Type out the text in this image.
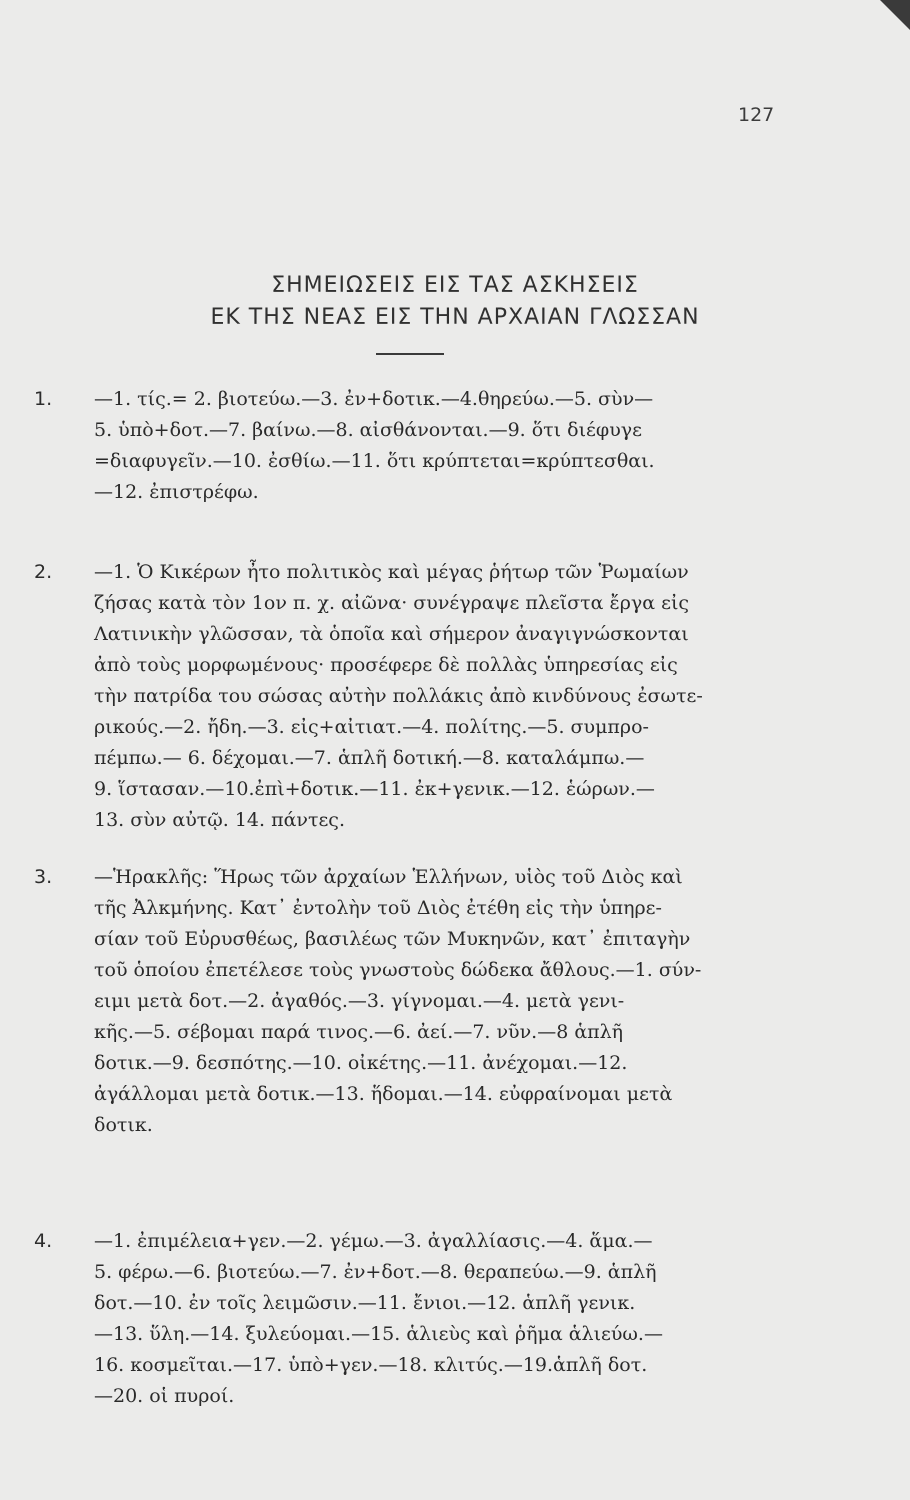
127
ΣΗΜΕΙΩΣΕΙΣ ΕΙΣ ΤΑΣ ΑΣΚΗΣΕΙΣ
ΕΚ ΤΗΣ ΝΕΑΣ ΕΙΣ ΤΗΝ ΑΡΧΑΙΑΝ ΓΛΩΣΣΑΝ
1. —1. τίς.= 2. βιοτεύω.—3. ἐν+δοτικ.—4.θηρεύω.—5. σὺν—
5. ὑπὸ+δοτ.—7. βαίνω.—8. αἰσθάνονται.—9. ὅτι διέφυγε
=διαφυγεῖν.—10. ἐσθίω.—11. ὅτι κρύπτεται=κρύπτεσθαι.
—12. ἐπιστρέφω.
2. —1. Ὁ Κικέρων ἦτο πολιτικὸς καὶ μέγας ῥήτωρ τῶν Ῥωμαίων
ζήσας κατὰ τὸν 1ον π. χ. αἰῶνα· συνέγραψε πλεῖστα ἔργα εἰς
Λατινικὴν γλῶσσαν, τὰ ὁποῖα καὶ σήμερον ἀναγιγνώσκονται
ἀπὸ τοὺς μορφωμένους· προσέφερε δὲ πολλὰς ὑπηρεσίας εἰς
τὴν πατρίδα του σώσας αὐτὴν πολλάκις ἀπὸ κινδύνους ἐσωτε-
ρικούς.—2. ἤδη.—3. εἰς+αἰτιατ.—4. πολίτης.—5. συμπρο-
πέμπω.— 6. δέχομαι.—7. ἁπλῆ δοτική.—8. καταλάμπω.—
9. ἵστασαν.—10.ἐπὶ+δοτικ.—11. ἐκ+γενικ.—12. ἑώρων.—
13. σὺν αὐτῷ. 14. πάντες.
3. —Ἡρακλῆς: Ἥρως τῶν ἀρχαίων Ἑλλήνων, υἱὸς τοῦ Διὸς καὶ
τῆς Ἀλκμήνης. Κατ᾽ ἐντολὴν τοῦ Διὸς ἐτέθη εἰς τὴν ὑπηρε-
σίαν τοῦ Εὐρυσθέως, βασιλέως τῶν Μυκηνῶν, κατ᾽ ἐπιταγὴν
τοῦ ὁποίου ἐπετέλεσε τοὺς γνωστοὺς δώδεκα ἄθλους.—1. σύν-
ειμι μετὰ δοτ.—2. ἀγαθός.—3. γίγνομαι.—4. μετὰ γενι-
κῆς.—5. σέβομαι παρά τινος.—6. ἀεί.—7. νῦν.—8 ἁπλῆ
δοτικ.—9. δεσπότης.—10. οἰκέτης.—11. ἀνέχομαι.—12.
ἀγάλλομαι μετὰ δοτικ.—13. ἥδομαι.—14. εὐφραίνομαι μετὰ
δοτικ.
4. —1. ἐπιμέλεια+γεν.—2. γέμω.—3. ἀγαλλίασις.—4. ἅμα.—
5. φέρω.—6. βιοτεύω.—7. ἐν+δοτ.—8. θεραπεύω.—9. ἁπλῆ
δοτ.—10. ἐν τοῖς λειμῶσιν.—11. ἔνιοι.—12. ἁπλῆ γενικ.
—13. ὕλη.—14. ξυλεύομαι.—15. ἁλιεὺς καὶ ῥῆμα ἁλιεύω.—
16. κοσμεῖται.—17. ὑπὸ+γεν.—18. κλιτύς.—19.ἁπλῆ δοτ.
—20. οἱ πυροί.
